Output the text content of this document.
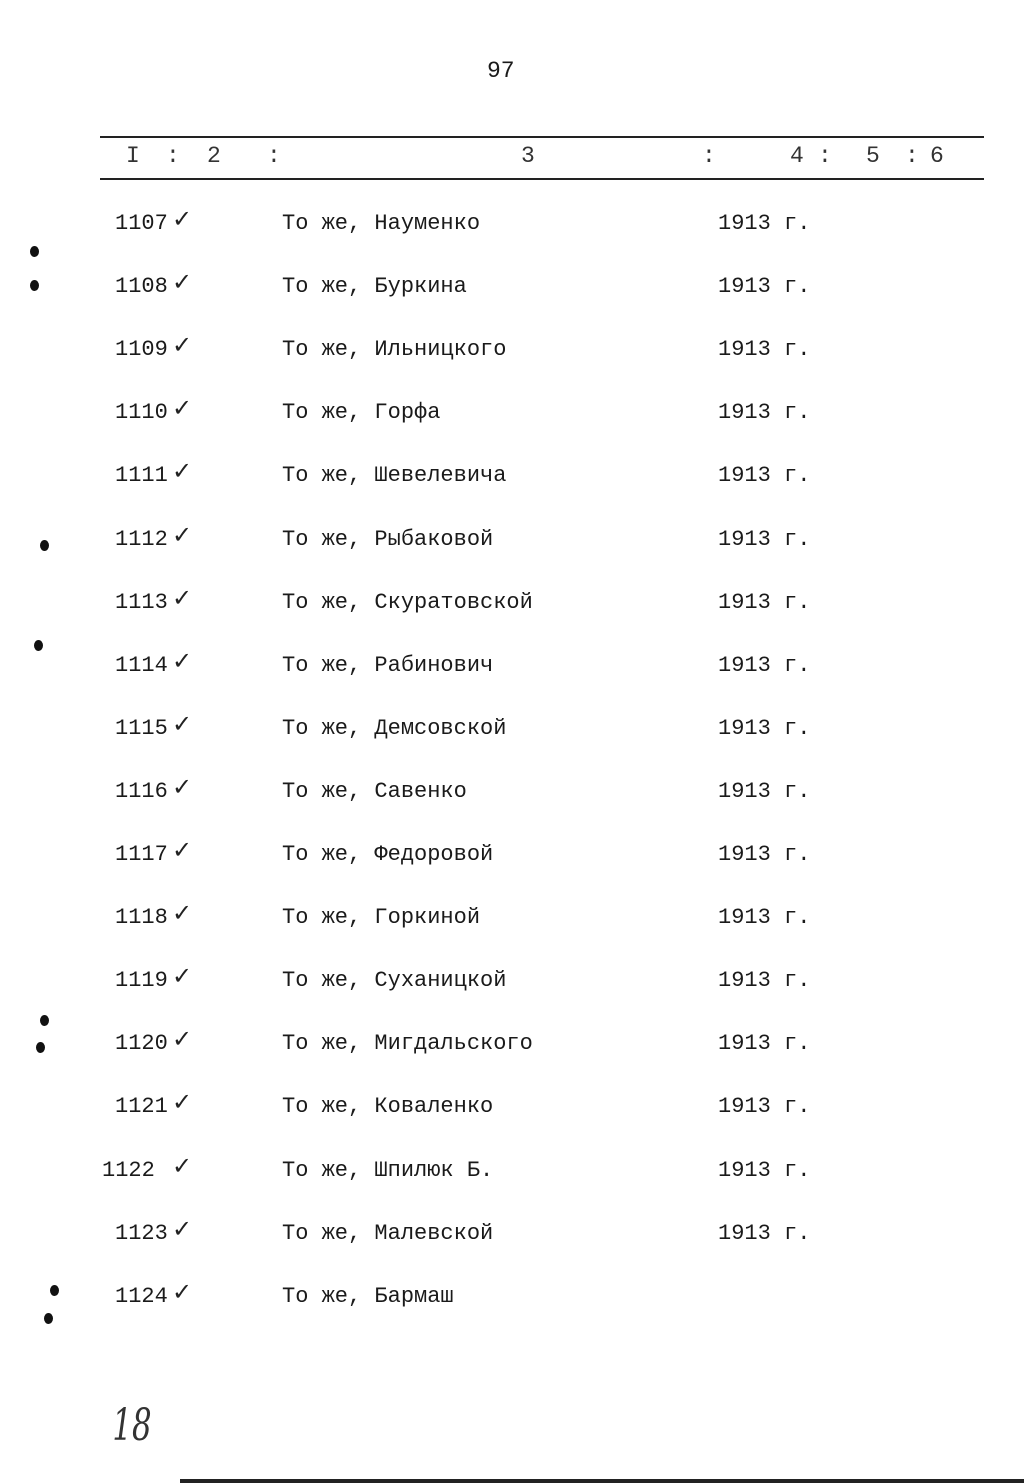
97
I : 2 :	3	:	4 : 5 : 6
1107 ✓	То же, Науменко	1913 г.
1108 ✓	То же, Буркина	1913 г.
1109 ✓	То же, Ильницкого	1913 г.
1110 ✓	То же, Горфа	1913 г.
1111 ✓	То же, Шевелевича	1913 г.
1112 ✓	То же, Рыбаковой	1913 г.
1113 ✓	То же, Скуратовской	1913 г.
1114 ✓	То же, Рабинович	1913 г.
1115 ✓	То же, Демсовской	1913 г.
1116 ✓	То же, Савенко	1913 г.
1117 ✓	То же, Федоровой	1913 г.
1118 ✓	То же, Горкиной	1913 г.
1119 ✓	То же, Суханицкой	1913 г.
1120 ✓	То же, Мигдальского	1913 г.
1121 ✓	То же, Коваленко	1913 г.
1122 ✓	То же, Шпилюк Б.	1913 г.
1123 ✓	То же, Малевской	1913 г.
1124 ✓	То же, Бармаш
18
